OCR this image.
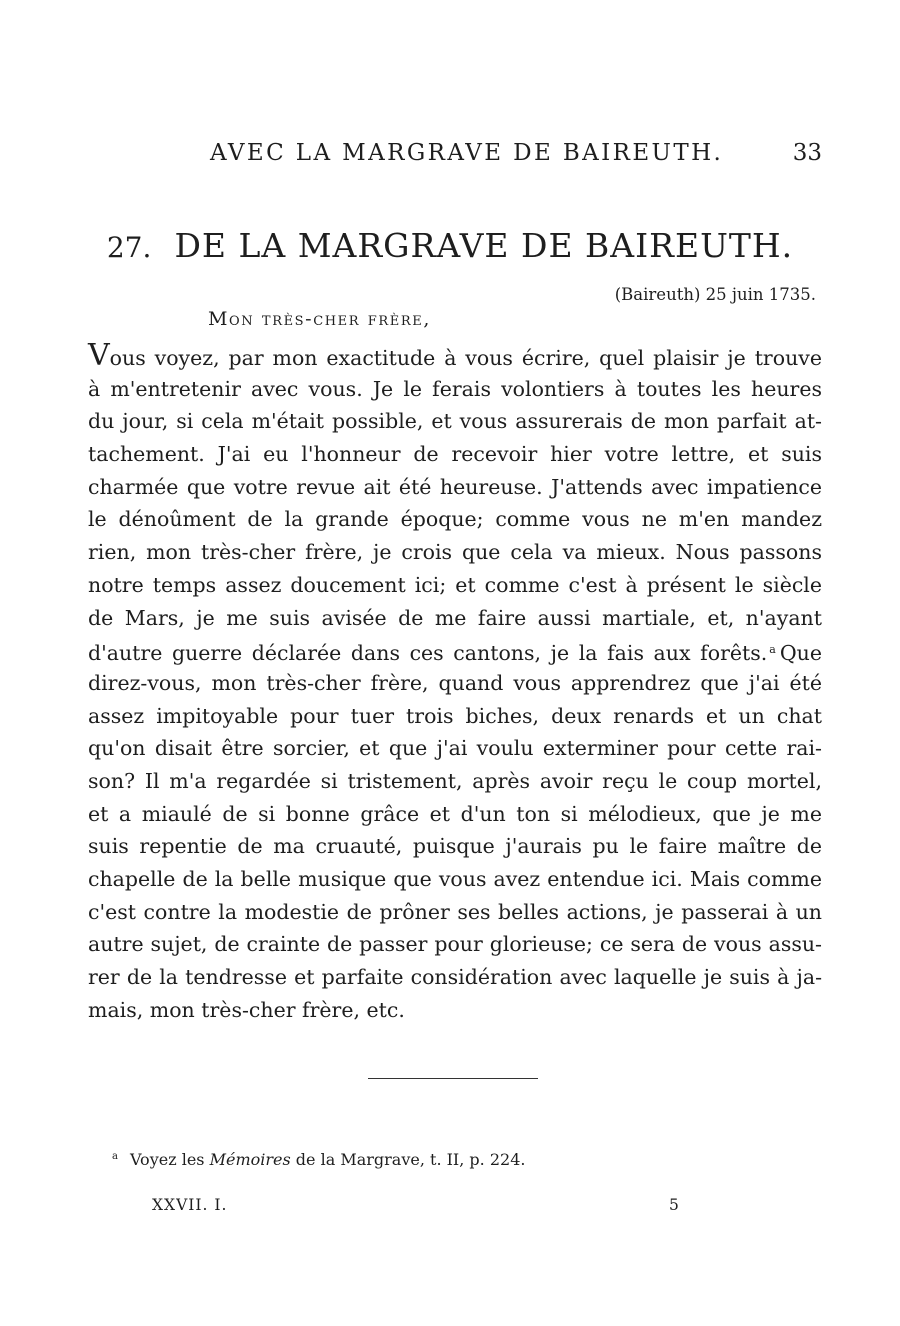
AVEC LA MARGRAVE DE BAIREUTH.	33
27. DE LA MARGRAVE DE BAIREUTH.
(Baireuth) 25 juin 1735.
Mon très-cher frère,
Vous voyez, par mon exactitude à vous écrire, quel plaisir je trouve
à m'entretenir avec vous. Je le ferais volontiers à toutes les heures
du jour, si cela m'était possible, et vous assurerais de mon parfait at-
tachement. J'ai eu l'honneur de recevoir hier votre lettre, et suis
charmée que votre revue ait été heureuse. J'attends avec impatience
le dénoûment de la grande époque; comme vous ne m'en mandez
rien, mon très-cher frère, je crois que cela va mieux. Nous passons
notre temps assez doucement ici; et comme c'est à présent le siècle
de Mars, je me suis avisée de me faire aussi martiale, et, n'ayant
d'autre guerre déclarée dans ces cantons, je la fais aux forêts. $^a$ Que
direz-vous, mon très-cher frère, quand vous apprendrez que j'ai été
assez impitoyable pour tuer trois biches, deux renards et un chat
qu'on disait être sorcier, et que j'ai voulu exterminer pour cette rai-
son? Il m'a regardée si tristement, après avoir reçu le coup mortel,
et a miaulé de si bonne grâce et d'un ton si mélodieux, que je me
suis repentie de ma cruauté, puisque j'aurais pu le faire maître de
chapelle de la belle musique que vous avez entendue ici. Mais comme
c'est contre la modestie de prôner ses belles actions, je passerai à un
autre sujet, de crainte de passer pour glorieuse; ce sera de vous assu-
rer de la tendresse et parfaite considération avec laquelle je suis à ja-
mais, mon très-cher frère, etc.
$^a$ Voyez les Mémoires de la Margrave, t. II, p. 224.
XXVII. I.	5
